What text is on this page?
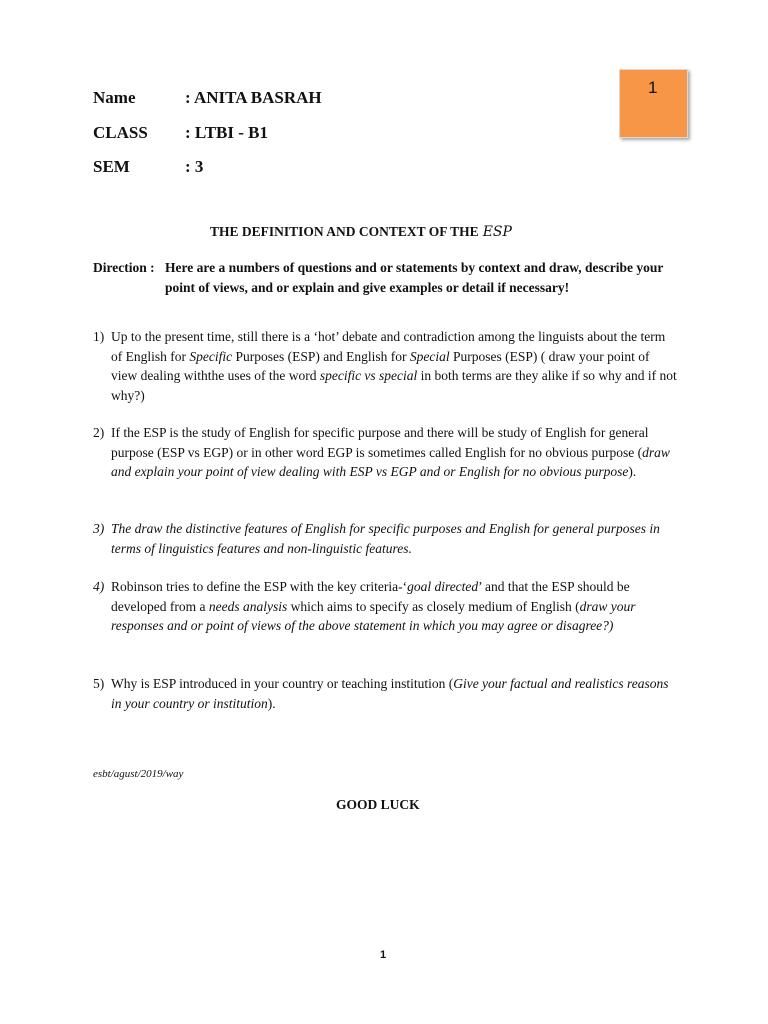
1
Name	: ANITA BASRAH
CLASS : LTBI - B1
SEM	: 3
THE DEFINITION AND CONTEXT OF THE ESP
Direction : Here are a numbers of questions and or statements by context and draw, describe your point of views, and or explain and give examples or detail if necessary!
1) Up to the present time, still there is a ‘hot’ debate and contradiction among the linguists about the term of English for Specific Purposes (ESP) and English for Special Purposes (ESP) ( draw your point of view dealing withthe uses of the word specific vs special in both terms are they alike if so why and if not why?)
2) If the ESP is the study of English for specific purpose and there will be study of English for general purpose (ESP vs EGP) or in other word EGP is sometimes called English for no obvious purpose (draw and explain your point of view dealing with ESP vs EGP and or English for no obvious purpose).
3) The draw the distinctive features of English for specific purposes and English for general purposes in terms of linguistics features and non-linguistic features.
4) Robinson tries to define the ESP with the key criteria-‘goal directed’ and that the ESP should be developed from a needs analysis which aims to specify as closely medium of English (draw your responses and or point of views of the above statement in which you may agree or disagree?)
5) Why is ESP introduced in your country or teaching institution (Give your factual and realistics reasons in your country or institution).
esbt/agust/2019/way
GOOD LUCK
1
